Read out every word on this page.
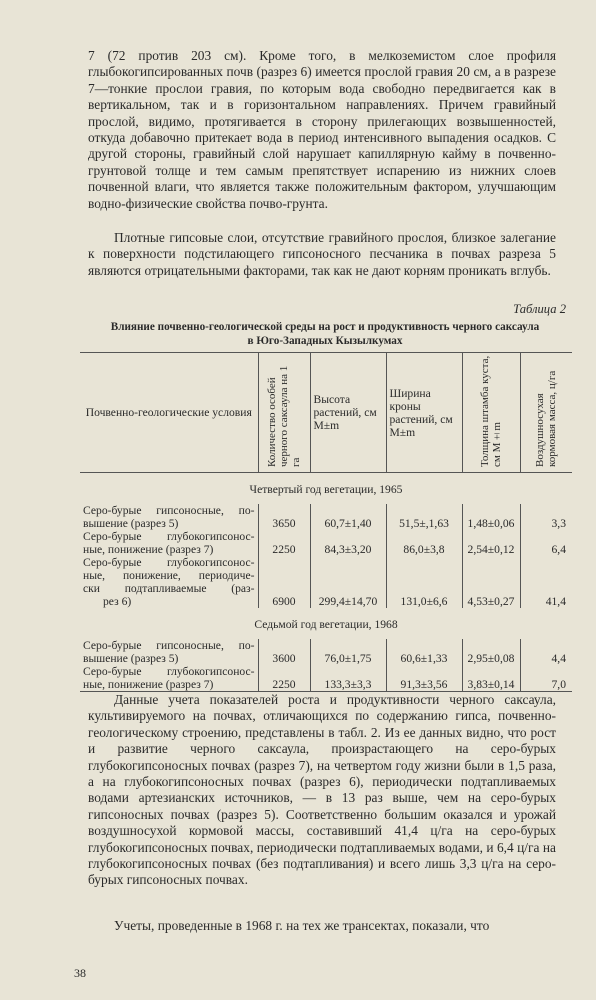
7 (72 против 203 см). Кроме того, в мелкоземистом слое профиля глыбокогипсированных почв (разрез 6) имеется прослой гравия 20 см, а в разрезе 7—тонкие прослои гравия, по которым вода свободно передвигается как в вертикальном, так и в горизонтальном направлениях. Причем гравийный прослой, видимо, протягивается в сторону прилегающих возвышенностей, откуда добавочно притекает вода в период интенсивного выпадения осадков. С другой стороны, гравийный слой нарушает капиллярную кайму в почвенно-грунтовой толще и тем самым препятствует испарению из нижних слоев почвенной влаги, что является также положительным фактором, улучшающим водно-физические свойства почво-грунта.

Плотные гипсовые слои, отсутствие гравийного прослоя, близкое залегание к поверхности подстилающего гипсоносного песчаника в почвах разреза 5 являются отрицательными факторами, так как не дают корням проникать вглубь.

Таблица 2

Влияние почвенно-геологической среды на рост и продуктивность черного саксаула
в Юго-Западных Кызылкумах
Почвенно-геологические условия	Количество особей черного саксаула на 1 га	Высота растений, см M±m	Ширина кроны растений, см M±m	Толщина штамба куста, см M±m	Воздушносухая кормовая масса, ц/га
Четвертый год вегетации, 1965					

Серо-бурые гипсоносные, по-
вышение (разрез 5)	3650	60,7±1,40	51,5±,1,63	1,48±0,06	3,3

Серо-бурые глубокогипсонос-
ные, понижение (разрез 7)	2250	84,3±3,20	86,0±3,8	2,54±0,12	6,4

Серо-бурые глубокогипсонос-
ные, понижение, периодиче-
ски подтапливаемые (раз-
рез 6)	6900	299,4±14,70	131,0±6,6	4,53±0,27	41,4
Седьмой год вегетации, 1968					

Серо-бурые гипсоносные, по-
вышение (разрез 5)	3600	76,0±1,75	60,6±1,33	2,95±0,08	4,4

Серо-бурые глубокогипсонос-
ные, понижение (разрез 7)	2250	133,3±3,3	91,3±3,56	3,83±0,14	7,0

Данные учета показателей роста и продуктивности черного саксаула, культивируемого на почвах, отличающихся по содержанию гипса, почвенно-геологическому строению, представлены в табл. 2. Из ее данных видно, что рост и развитие черного саксаула, произрастающего на серо-бурых глубокогипсоносных почвах (разрез 7), на четвертом году жизни были в 1,5 раза, а на глубокогипсоносных почвах (разрез 6), периодически подтапливаемых водами артезианских источников, — в 13 раз выше, чем на серо-бурых гипсоносных почвах (разрез 5). Соответственно большим оказался и урожай воздушносухой кормовой массы, составивший 41,4 ц/га на серо-бурых глубокогипсоносных почвах, периодически подтапливаемых водами, и 6,4 ц/га на глубокогипсоносных почвах (без подтапливания) и всего лишь 3,3 ц/га на серо-бурых гипсоносных почвах.

Учеты, проведенные в 1968 г. на тех же трансектах, показали, что

38
